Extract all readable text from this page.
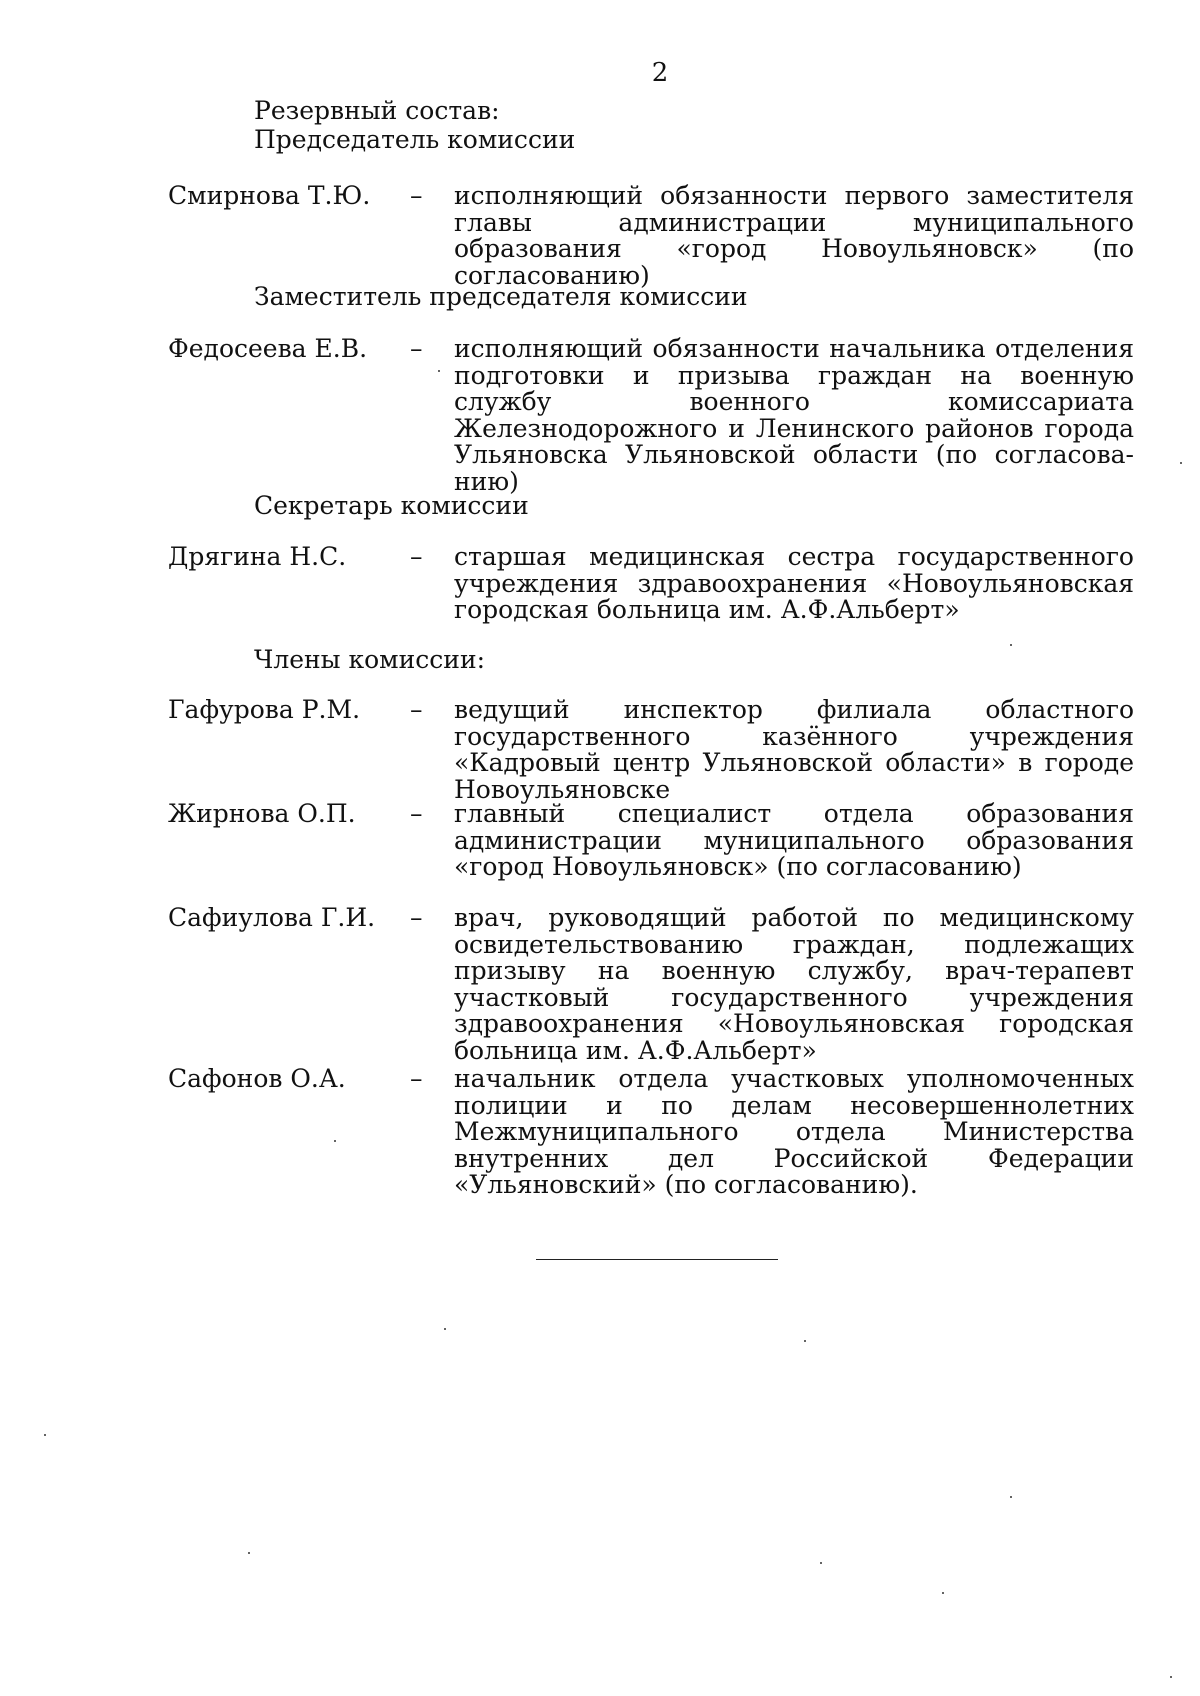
2
Резервный состав:
Председатель комиссии
Смирнова Т.Ю. – исполняющий обязанности первого заместителя главы администрации муниципального образования «город Новоульяновск» (по согласованию)
Заместитель председателя комиссии
Федосеева Е.В. – исполняющий обязанности начальника отделения подготовки и призыва граждан на военную службу военного комиссариата Железнодорожного и Ленинского районов города Ульяновска Ульяновской области (по согласованию)
Секретарь комиссии
Дрягина Н.С.	– старшая медицинская сестра государственного учреждения здравоохранения «Новоульяновская городская больница им. А.Ф.Альберт»
Члены комиссии:
Гафурова Р.М. – ведущий инспектор филиала областного государственного казённого учреждения «Кадровый центр Ульяновской области» в городе Новоульяновске
Жирнова О.П. – главный специалист отдела образования администрации муниципального образования «город Новоульяновск» (по согласованию)
Сафиулова Г.И. – врач, руководящий работой по медицинскому освидетельствованию граждан, подлежащих призыву на военную службу, врач-терапевт участковый государственного учреждения здравоохранения «Новоульяновская городская больница им. А.Ф.Альберт»
Сафонов О.А.	– начальник отдела участковых уполномоченных полиции и по делам несовершеннолетних Межмуниципального отдела Министерства внутренних дел Российской Федерации «Ульяновский» (по согласованию).
